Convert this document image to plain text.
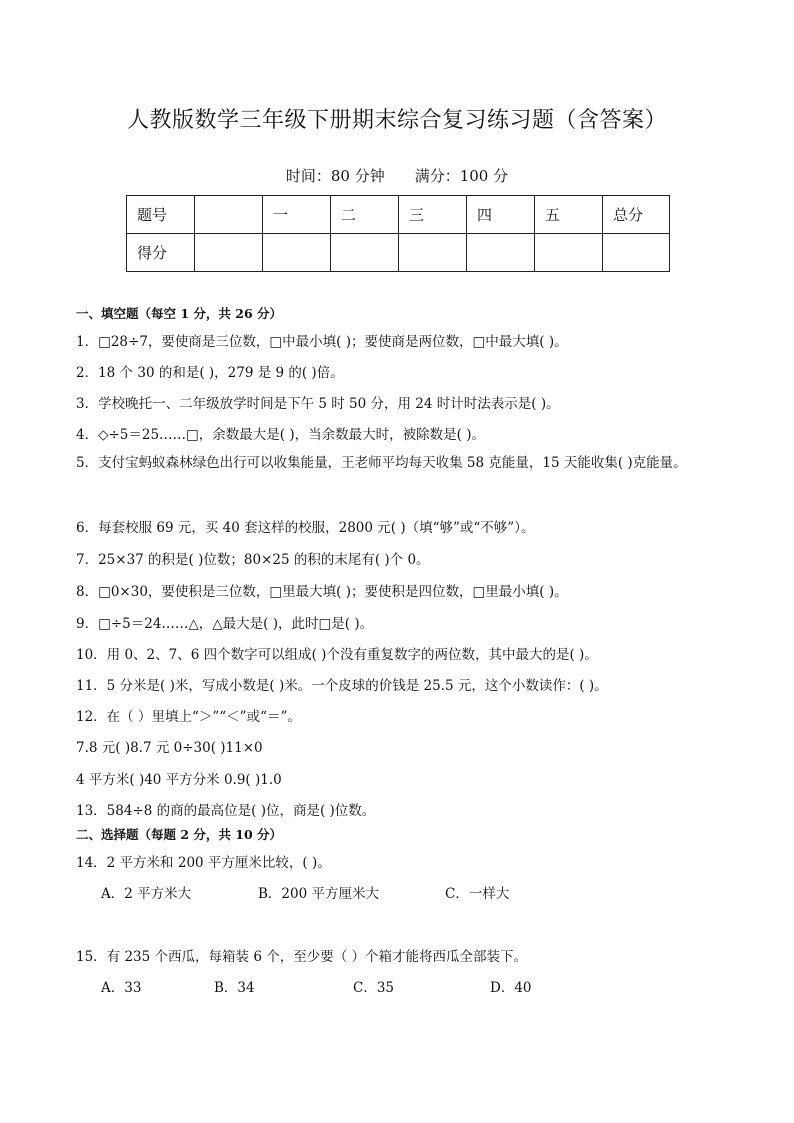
人教版数学三年级下册期末综合复习练习题（含答案）
时间：80 分钟 满分：100 分
题号		一	二	三	四	五	总分
得分							
一、填空题（每空 1 分，共 26 分）
1．□28÷7，要使商是三位数，□中最小填( )；要使商是两位数，□中最大填( )。
2．18 个 30 的和是( )，279 是 9 的( )倍。
3．学校晚托一、二年级放学时间是下午 5 时 50 分，用 24 时计时法表示是( )。
4．◇÷5＝25……□，余数最大是( )，当余数最大时，被除数是( )。
5．支付宝蚂蚁森林绿色出行可以收集能量，王老师平均每天收集 58 克能量，15 天能收集( )克能量。
6．每套校服 69 元，买 40 套这样的校服，2800 元( )（填“够”或“不够”）。
7．25×37 的积是( )位数；80×25 的积的末尾有( )个 0。
8．□0×30，要使积是三位数，□里最大填( )；要使积是四位数，□里最小填( )。
9．□÷5＝24……△，△最大是( )，此时□是( )。
10．用 0、2、7、6 四个数字可以组成( )个没有重复数字的两位数，其中最大的是( )。
11．5 分米是( )米，写成小数是( )米。一个皮球的价钱是 25.5 元，这个小数读作：( )。
12．在（ ）里填上“＞”“＜”或“＝”。
7.8 元( )8.7 元 0÷30( )11×0
4 平方米( )40 平方分米 0.9( )1.0
13．584÷8 的商的最高位是( )位，商是( )位数。
二、选择题（每题 2 分，共 10 分）
14．2 平方米和 200 平方厘米比较，( )。
A．2 平方米大	B．200 平方厘米大	C．一样大
15．有 235 个西瓜，每箱装 6 个，至少要（ ）个箱才能将西瓜全部装下。
A．33	B．34	C．35	D．40
